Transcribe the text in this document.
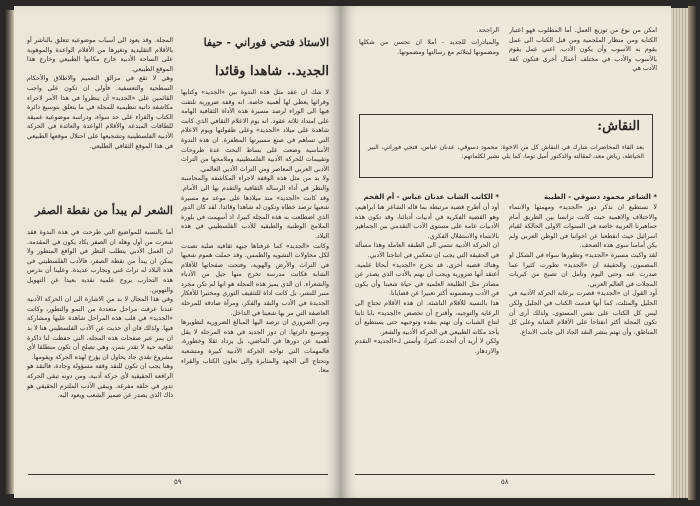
الاستاذ فتحي فوراني - حيفا
الجديد.. شاهدا وقائدا

لا شك ان عقد مثل هذه الندوة بين «الجديد» وكتابها وقرائها يعطي لها أهمية خاصة. انه وقفة ضرورية نلتفت فيها الى الوراء لرصد مسيرة هذه الأداة الثقافية الهامة على امتداد ثلاثة عقود. انه يوم الاعلام الثقافي الذي كانت شاهدة على ميلاد «الجديد» وعلى طفولتها ويوم الاعلام التي تساهم في صنع مسيرتها المظفرة. ان هذه الندوة الأساسية وضعت على بساط البحث عدة طروحات وتقييمات للحركة الأدبية الفلسطينية وملامحها من التراث الأدبي العربي المعاصر ومن التراث الأدبي العالمي.

ولا بد من مثل هذه الوقفة لاجراء المكاشفة والمحاسبة والنظر في أداء الرسالة الثقافية والتقدم بها الى الأمام. وقد كانت «الجديد» منذ ميلادها على موعد مع مسيرة شعبها ترصد خطاه وتكون له شاهدا وقائدا. لقد كان الدور الذي اضطلعت به هذه المجلة كبيرا، اذ أسهمت في بلورة الملامح الوطنية والطبقية للأدب الفلسطيني في هذه البلاد.

وكانت «الجديد» كما عرفناها جبهة ثقافية صلبة تصدت لكل محاولات التشويه والطمس. وقد حملت هموم شعبها في التراث والأرض والهوية، وفتحت صفحاتها للأقلام الشابة فكانت مدرسة تخرج منها جيل من الأدباء والشعراء. ان الذي يميز هذه المجلة هو انها لم تكن مجرد منبر للنشر، بل كانت اداة للتثقيف الثوري ومختبرا للأفكار الجديدة في الأدب والنقد والفكر، ومرآة صادقة للمرحلة العاصفة التي مر بها شعبنا في الداخل.

ومن الضروري ان ترصد اليها المبالغ الضرورية لتطويرها وتوسيع دائرتها. ان دور الجديد في هذه المرحلة لا يقل أهمية عن دورها في الماضي، بل يزداد ثقلا وخطورة، فالمهمات التي تواجه الحركة الأدبية كبيرة ومتشعبة وتحتاج الى الجهد والمثابرة والى تعاون الكتاب والقراء معا.

المجلة. وقد يعود الى أسباب موضوعية تتعلق بالناشر أو بالأقلام التقليدية وتغيرها من الأقلام الواعدة والموهوبة على الساحة الأدبية خارج مكانها الطبيعي وخارج هذا الموقع الطبيعي.

وهي لا تقع في مزالق التعميم والاطلاق والأحكام السطحية والتعسفية. فأولى ان تكون على واجب القائمين على «الجديد» أن ينظروا في هذا الأمر لاجراء مكاشفة ذاتية تنظيمية للمجلة في ما يتعلق بتوسيع دائرة الكتاب والقراء على حد سواء، ودراسة موضوعية عميقة للطاقات المبدعة والأقلام الواعدة والعائدة في الحركة الأدبية الفلسطينية وتشجيعها على احتلال موقعها الطبيعي في هذا الموقع الثقافي الطليعي.

الشعر لم يبدأ من نقطة الصفر

أما بالنسبة للمواضيع التي طرحت في هذه الندوة فقد شعرت من أول وهلة ان الصفر يكاد يكون في المقدمة. ان العمل الأدبي يتطلب النظر في الواقع المتطور ولا يمكن ان يبدأ من نقطة الصفر، فالأدب الفلسطيني في هذه البلاد له تراث غني وتجارب عديدة. وعلينا أن ندرس هذه التجارب بروح علمية نقدية بعيدا عن التهويل والتهوين.

وفي هذا المجال لا بد من الاشارة الى ان الحركة الأدبية عندنا عرفت مراحل متعددة من النمو والتطور، وكانت «الجديد» في قلب هذه المراحل شاهدة عليها ومشاركة فيها. ولذلك فان أي حديث عن الأدب الفلسطيني هنا لا بد ان يمر عبر صفحات هذه المجلة، التي حفظت لنا ذاكرة ثقافية حية لا تقدر بثمن، وهي تصلح أن تكون منطلقا لأي مشروع نقدي جاد يحاول ان يؤرخ لهذه الحركة ويقومها.

وهنا يجب ان تكون للنقد وقفة مسؤولة وجادة، فالنقد هو الرافعة الحقيقية لأي حركة أدبية، ومن دونه تبقى الحركة تدور في حلقة مفرغة. ويبقى الأدب الملتزم الحقيقي هو ذاك الذي يصدر عن ضمير الشعب ويعود اليه.

٥٩
امكن من نوع من توزيع العمل. أما المطلوب فهو اعتبار الكتابة ومن منظار الملحمية ومن قبل الكتاب الى عمل يقوم به الأسوب وأن يكون الأدب. اعني عمل يقوم بالأسوب والأدب في مختلف أعمال أخرى فتكون كفة الأدب هي
الراجحة.
والمبادرات للجديد - أملا ان تحسن من شكلها ومضمونها ليتلائم مع رسالتها ومضمونها.
النقاش:
بعد القاء المحاضرات شارك في النقاش كل من الاخوة: محمود دسوقي، عدنان عباس، فتحي فوراني، البير الخياطة، رياض معد، لمقالته والدكتور أميل توما، كما يلي نشير لكلماتهم:
* الشاعر محمود دسوقي - الطيبة

لا نستطيع ان نذكر دور «الجديد» ومهمتها والانتماء والاختلاف والاهمية حيث كانت ترانسا بين الطريق أمام جماهيرنا العربية خاصة في السنوات الاولى الحالكة لقيام اسرائيل حيث انقطعنا عن اخواننا في الوطن العربي ولم يكن أمامنا سوى هذه الصحف.

لقد واكبت مسيرة «الجديد» وتطورها سواء في الشكل او المضمون، والحقيقة ان «الجديد» تطورت كثيرا عما صدرت عنه وحتى اليوم وتأمل ان تصبح من كبريات المجلات في العالم العربي.

أود القول ان «الجديد» قصرت برعاية الحركة الأدبية في الجليل والمثلث، كما أنها قدمت الكتاب في الجليل ولكن ليس كل الكتاب على نفس المستوى. ولذلك أرى أن تكون المجلة أكثر انفتاحا على الأقلام الشابة وعلى كل المناطق، وأن تهتم بنشر النقد الجاد الى جانب الابداع.

* الكاتب الشاب عدنان عباس - أم الفحم

أود أن أطرح قضية مرتبطة بما قاله الشاعر هنا ابراهيم، وهو القضية الفكرية في أدبيات أدبائنا، وقد تكون هذه الأدبيات عامة على مستوى الأدب التقدمي بين الجماهير بالانتماء والاستقلال الفكري.

ان الحركة الأدبية تنتمي الى الطبقة العاملة وهذا مسألة في الحقيقة التي يجب ان تنعكس في انتاجنا الأدبي.

وهناك قضية أخرى، قد تخرج «الجديد» أبحاثا علمية. أعتقد أنها ضرورية ويجب أن نهتم بالأدب الذي يصدر عن مصادر مثل الطليعة العلمية في حياة شعبنا وأن يكون فن الأدب ومضمونه أكثر تعبيرا عن قضايانا.

هذا بالنسبة للأقلام الناشئة. ان هذه الأقلام تحتاج الى الرعاية والتوجيه، وأقترح أن تخصص «الجديد» بابا ثابتا لنتاج الشباب وأن تهتم بنقده وتوجيهه حتى يستطيع أن يأخذ مكانه الطبيعي في الحركة الأدبية والشعر.

ولكن لا أريد أن أتحدث كثيرا، وأتمنى لـ«الجديد» التقدم والازدهار.

٥٨
